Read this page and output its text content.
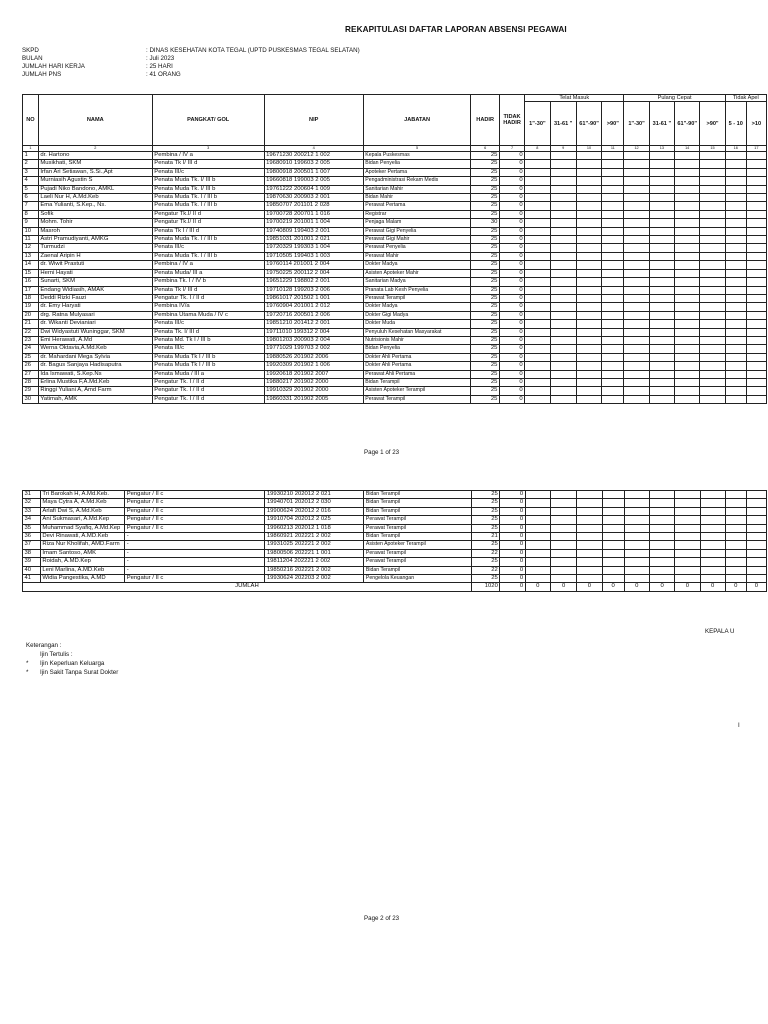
REKAPITULASI DAFTAR LAPORAN ABSENSI PEGAWAI
SKPD	: DINAS KESEHATAN KOTA TEGAL (UPTD PUSKESMAS TEGAL SELATAN)
BULAN	: Juli 2023
JUMLAH HARI KERJA	: 25 HARI
JUMLAH PNS	: 41 ORANG
NO	NAMA	PANGKAT/ GOL	NIP	JABATAN	HADIR	TIDAK HADIR	Telat Masuk				Pulang Cepat				Tidak Apel	
							1"-30"	31-61 "	61"-90"	>90"	1"-30"	31-61 "	61"-90"	>90"	5 - 10	>10
1	2	3	4	5	6	7	8	9	10	11	12	13	14	15	16	17
1	dr. Hartono	Pembina / IV a	19671230 200212 1 002	Kepala Puskesmas	25	0										
2	Musikhati, SKM	Penata Tk I/ III d	19680910 199603 2 005	Bidan Penyelia	25	0										
3	Irfan Ari Setiawan, S.Si.,Apt	Penata III/c	19800918 200501 1 007	Apoteker Pertama	25	0										
4	Murniasih Agustin S	Penata Muda Tk. I/ III b	19660818 199003 2 005	Pengadministrasi Rekam Medis	25	0										
5	Pujadi Niko Bandono, AMKL	Penata Muda Tk. I/ III b	19761222 200604 1 009	Sanitarian Mahir	25	0										
6	Laeli Nur H, A.Md.Keb	Penata Muda Tk. I / III b	19870630 200903 2 001	Bidan Mahir	25	0										
7	Ema Yulianti, S.Kep., Ns.	Penata Muda Tk. I / III b	19850707 201101 2 028	Perawat Pertama	25	0										
8	Sofik	Pengatur Tk.I/ II d	19700728 200701 1 016	Registrar	25	0										
9	Mohm. Tohir	Pengatur Tk.I/ II d	19700219 201001 1 004	Penjaga Malam	30	0										
10	Masroh	Penata Tk I / III d	19740809 199403 2 001	Perawat Gigi Penyelia	25	0										
11	Astri Pramudiyanti, AMKG	Penata Muda Tk. I / III b	19851031 201001 2 021	Perawat Gigi Mahir	25	0										
12	Turmudzi	Penata III/c	19720329 199303 1 004	Perawat Penyelia	25	0										
13	Zaenal Aripin H	Penata Muda Tk. I / III b	19710505 199403 1 003	Perawat Mahir	25	0										
14	dr. Wiwit Prastuti	Pembina / IV a	19760114 201001 2 004	Dokter Madya	25	0										
15	Herni Hayati	Penata Muda/ III a	19750225 200112 2 004	Asisten Apoteker Mahir	25	0										
16	Sunarti, SKM	Pembina Tk. I / IV b	19651229 198802 2 001	Sanitarian Madya	25	0										
17	Endang Widiasih, AMAK	Penata Tk I/ III d	19710128 199203 2 006	Pranata Lab Kesh Penyelia	25	0										
18	Deddi Rizki Fauzi	Pengatur Tk. I / II d	19861017 201502 1 001	Perawat Terampil	25	0										
19	dr. Emy Haryati	Pembina IV/a	19760904 201001 2 012	Dokter Madya	25	0										
20	drg. Ratna Mulyasari	Pembina Utama Muda / IV c	19720716 200501 2 006	Dokter Gigi Madya	25	0										
21	dr. Wikanti Devianiari	Penata III/c	19851210 201412 2 001	Dokter Muda	25	0										
22	Dwi Widyastuti Wuninggar, SKM	Penata Tk. I/ III d	19711010 199312 2 004	Penyuluh Kesehatan Masyarakat	25	0										
23	Emi Herawati, A.Md	Penata Md. Tk I / III b	19801203 200903 2 004	Nutrisionis Mahir	25	0										
24	Werna Oktavia,A.Md.Keb	Penata III/c	19771029 199703 2 002	Bidan Penyelia	25	0										
25	dr. Mahardani Mega Sylvia	Penata Muda Tk I / III b	19880526 201902 2006	Dokter Ahli Pertama	25	0										
26	dr. Bagus Sanjaya Hadisaputra	Penata Muda Tk I / III b	19920309 201902 1 006	Dokter Ahli Pertama	25	0										
27	Ida Ismawati, S.Kep.Ns	Penata Muda / III a	19920618 201902 2007	Perawat Ahli Pertama	25	0										
28	Erlina Mustika F,A.Md.Keb	Pengatur Tk. I / II d	19880217 201902 2000	Bidan Terampil	25	0										
29	Ringgi Yuliani A, Amd Farm	Pengatur Tk. I / II d	19910329 201902 2000	Asisten Apoteker Terampil	25	0										
30	Yatimah, AMK	Pengatur Tk. I / II d	19860331 201902 2005	Perawat Terampil	25	0										
Page 1 of 23
31	Tri Barokah H, A.Md.Keb.	Pengatur / II c	19930210 202012 2 021	Bidan Terampil	25	0										
32	Maya Cytra A, A.Md.Keb	Pengatur / II c	19940701 202012 2 030	Bidan Terampil	25	0										
33	Arlafi Dwi S, A.Md.Keb	Pengatur / II c	19900624 202012 2 016	Bidan Terampil	25	0										
34	Ani Sukmasari, A.Md.Kep	Pengatur / II c	19910704 202012 2 025	Perawat Terampil	25	0										
35	Muhammad Syafiq, A.Md.Kep	Pengatur / II c	19960213 202012 1 018	Perawat Terampil	25	0										
36	Devi Rinawati, A.MD.Keb	-	19860921 202221 2 002	Bidan Terampil	21	0										
37	Riza Nur Kholifah, AMD.Farm	-	19931025 202221 2 002	Asisten Apoteker Terampil	25	0										
38	Imam Santoso, AMK	-	19800506 202221 1 001	Perawat Terampil	22	0										
39	Roidah, A.MD.Kep	-	19811204 202221 2 002	Perawat Terampil	25	0										
40	Leni Marlina, A.MD.Keb	-	19850216 202221 2 002	Bidan Terampil	22	0										
41	Widia Pangestika, A.MD	Pengatur / II c	19930624 202203 2 002	Pengelola Keuangan	25	0										
JUMLAH					1020	0	0	0	0	0	0	0	0	0	0	0
KEPALA U
Keterangan :
Ijin Tertulis :
* Ijin Keperluan Keluarga
* Ijin Sakit Tanpa Surat Dokter
I
Page 2 of 23
